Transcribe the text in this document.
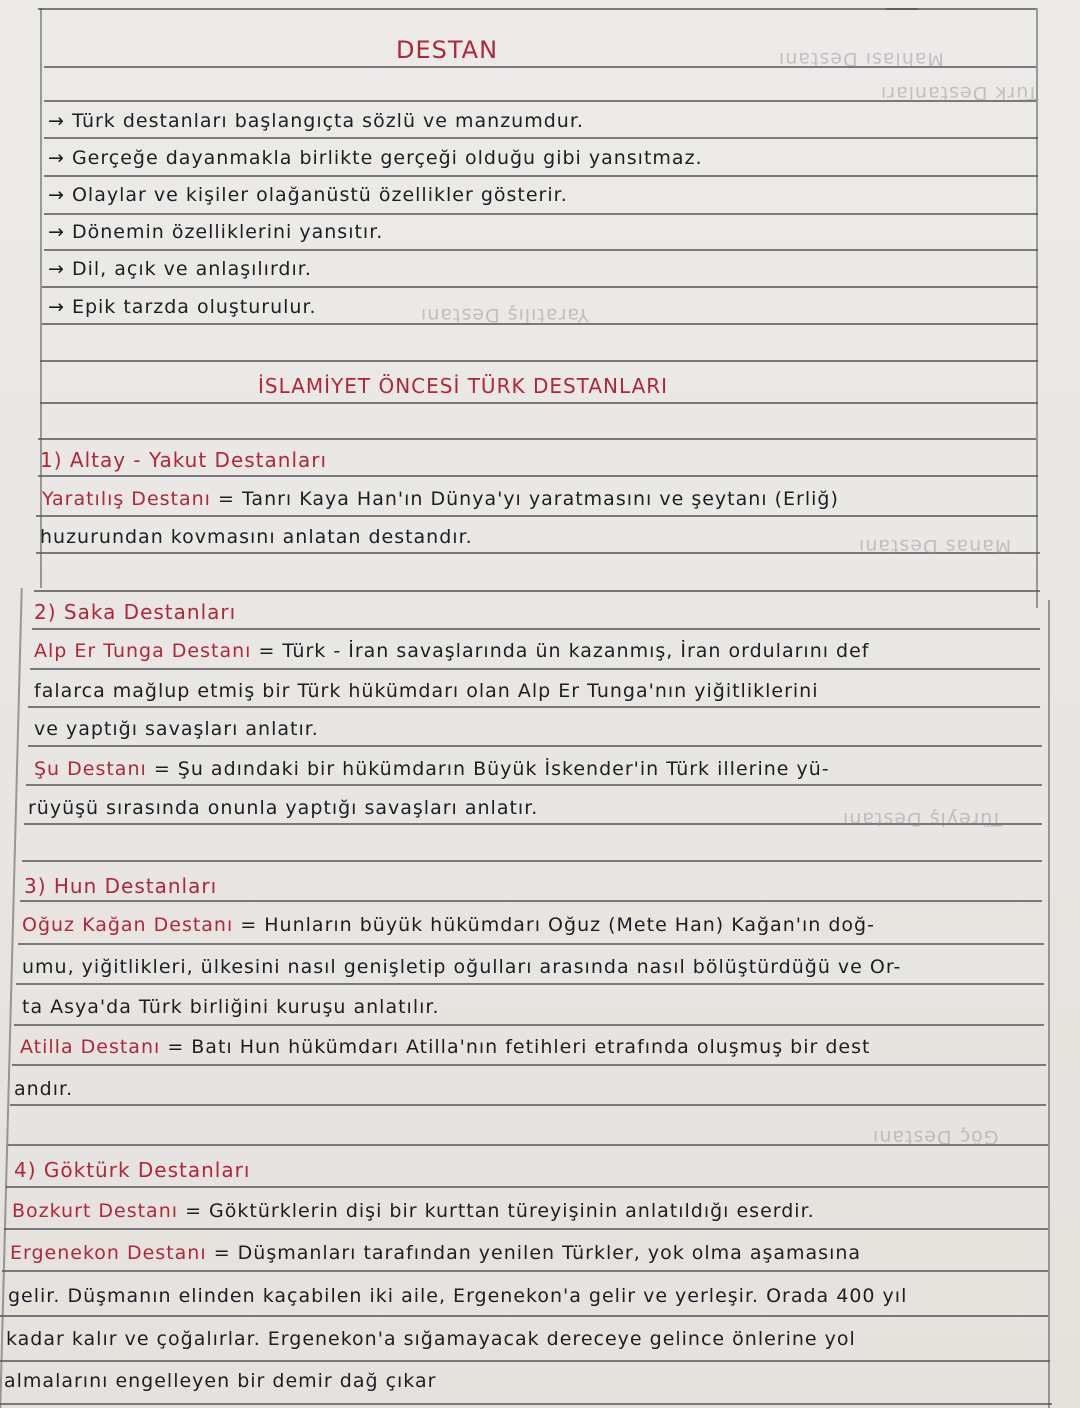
Mahlası Destanı
Türk Destanları
Yaratılış Destanı
Manas Destanı
Türeyiş Destanı
Göç Destanı
DESTAN
→ Türk destanları başlangıçta sözlü ve manzumdur.
→ Gerçeğe dayanmakla birlikte gerçeği olduğu gibi yansıtmaz.
→ Olaylar ve kişiler olağanüstü özellikler gösterir.
→ Dönemin özelliklerini yansıtır.
→ Dil, açık ve anlaşılırdır.
→ Epik tarzda oluşturulur.
İSLAMİYET ÖNCESİ TÜRK DESTANLARI
1) Altay - Yakut Destanları
Yaratılış Destanı = Tanrı Kaya Han'ın Dünya'yı yaratmasını ve şeytanı (Erliğ)
huzurundan kovmasını anlatan destandır.
2) Saka Destanları
Alp Er Tunga Destanı = Türk - İran savaşlarında ün kazanmış, İran ordularını def
falarca mağlup etmiş bir Türk hükümdarı olan Alp Er Tunga'nın yiğitliklerini
ve yaptığı savaşları anlatır.
Şu Destanı = Şu adındaki bir hükümdarın Büyük İskender'in Türk illerine yü-
rüyüşü sırasında onunla yaptığı savaşları anlatır.
3) Hun Destanları
Oğuz Kağan Destanı = Hunların büyük hükümdarı Oğuz (Mete Han) Kağan'ın doğ-
umu, yiğitlikleri, ülkesini nasıl genişletip oğulları arasında nasıl bölüştürdüğü ve Or-
ta Asya'da Türk birliğini kuruşu anlatılır.
Atilla Destanı = Batı Hun hükümdarı Atilla'nın fetihleri etrafında oluşmuş bir dest
andır.
4) Göktürk Destanları
Bozkurt Destanı = Göktürklerin dişi bir kurttan türeyişinin anlatıldığı eserdir.
Ergenekon Destanı = Düşmanları tarafından yenilen Türkler, yok olma aşamasına
gelir. Düşmanın elinden kaçabilen iki aile, Ergenekon'a gelir ve yerleşir. Orada 400 yıl
kadar kalır ve çoğalırlar. Ergenekon'a sığamayacak dereceye gelince önlerine yol
almalarını engelleyen bir demir dağ çıkar
